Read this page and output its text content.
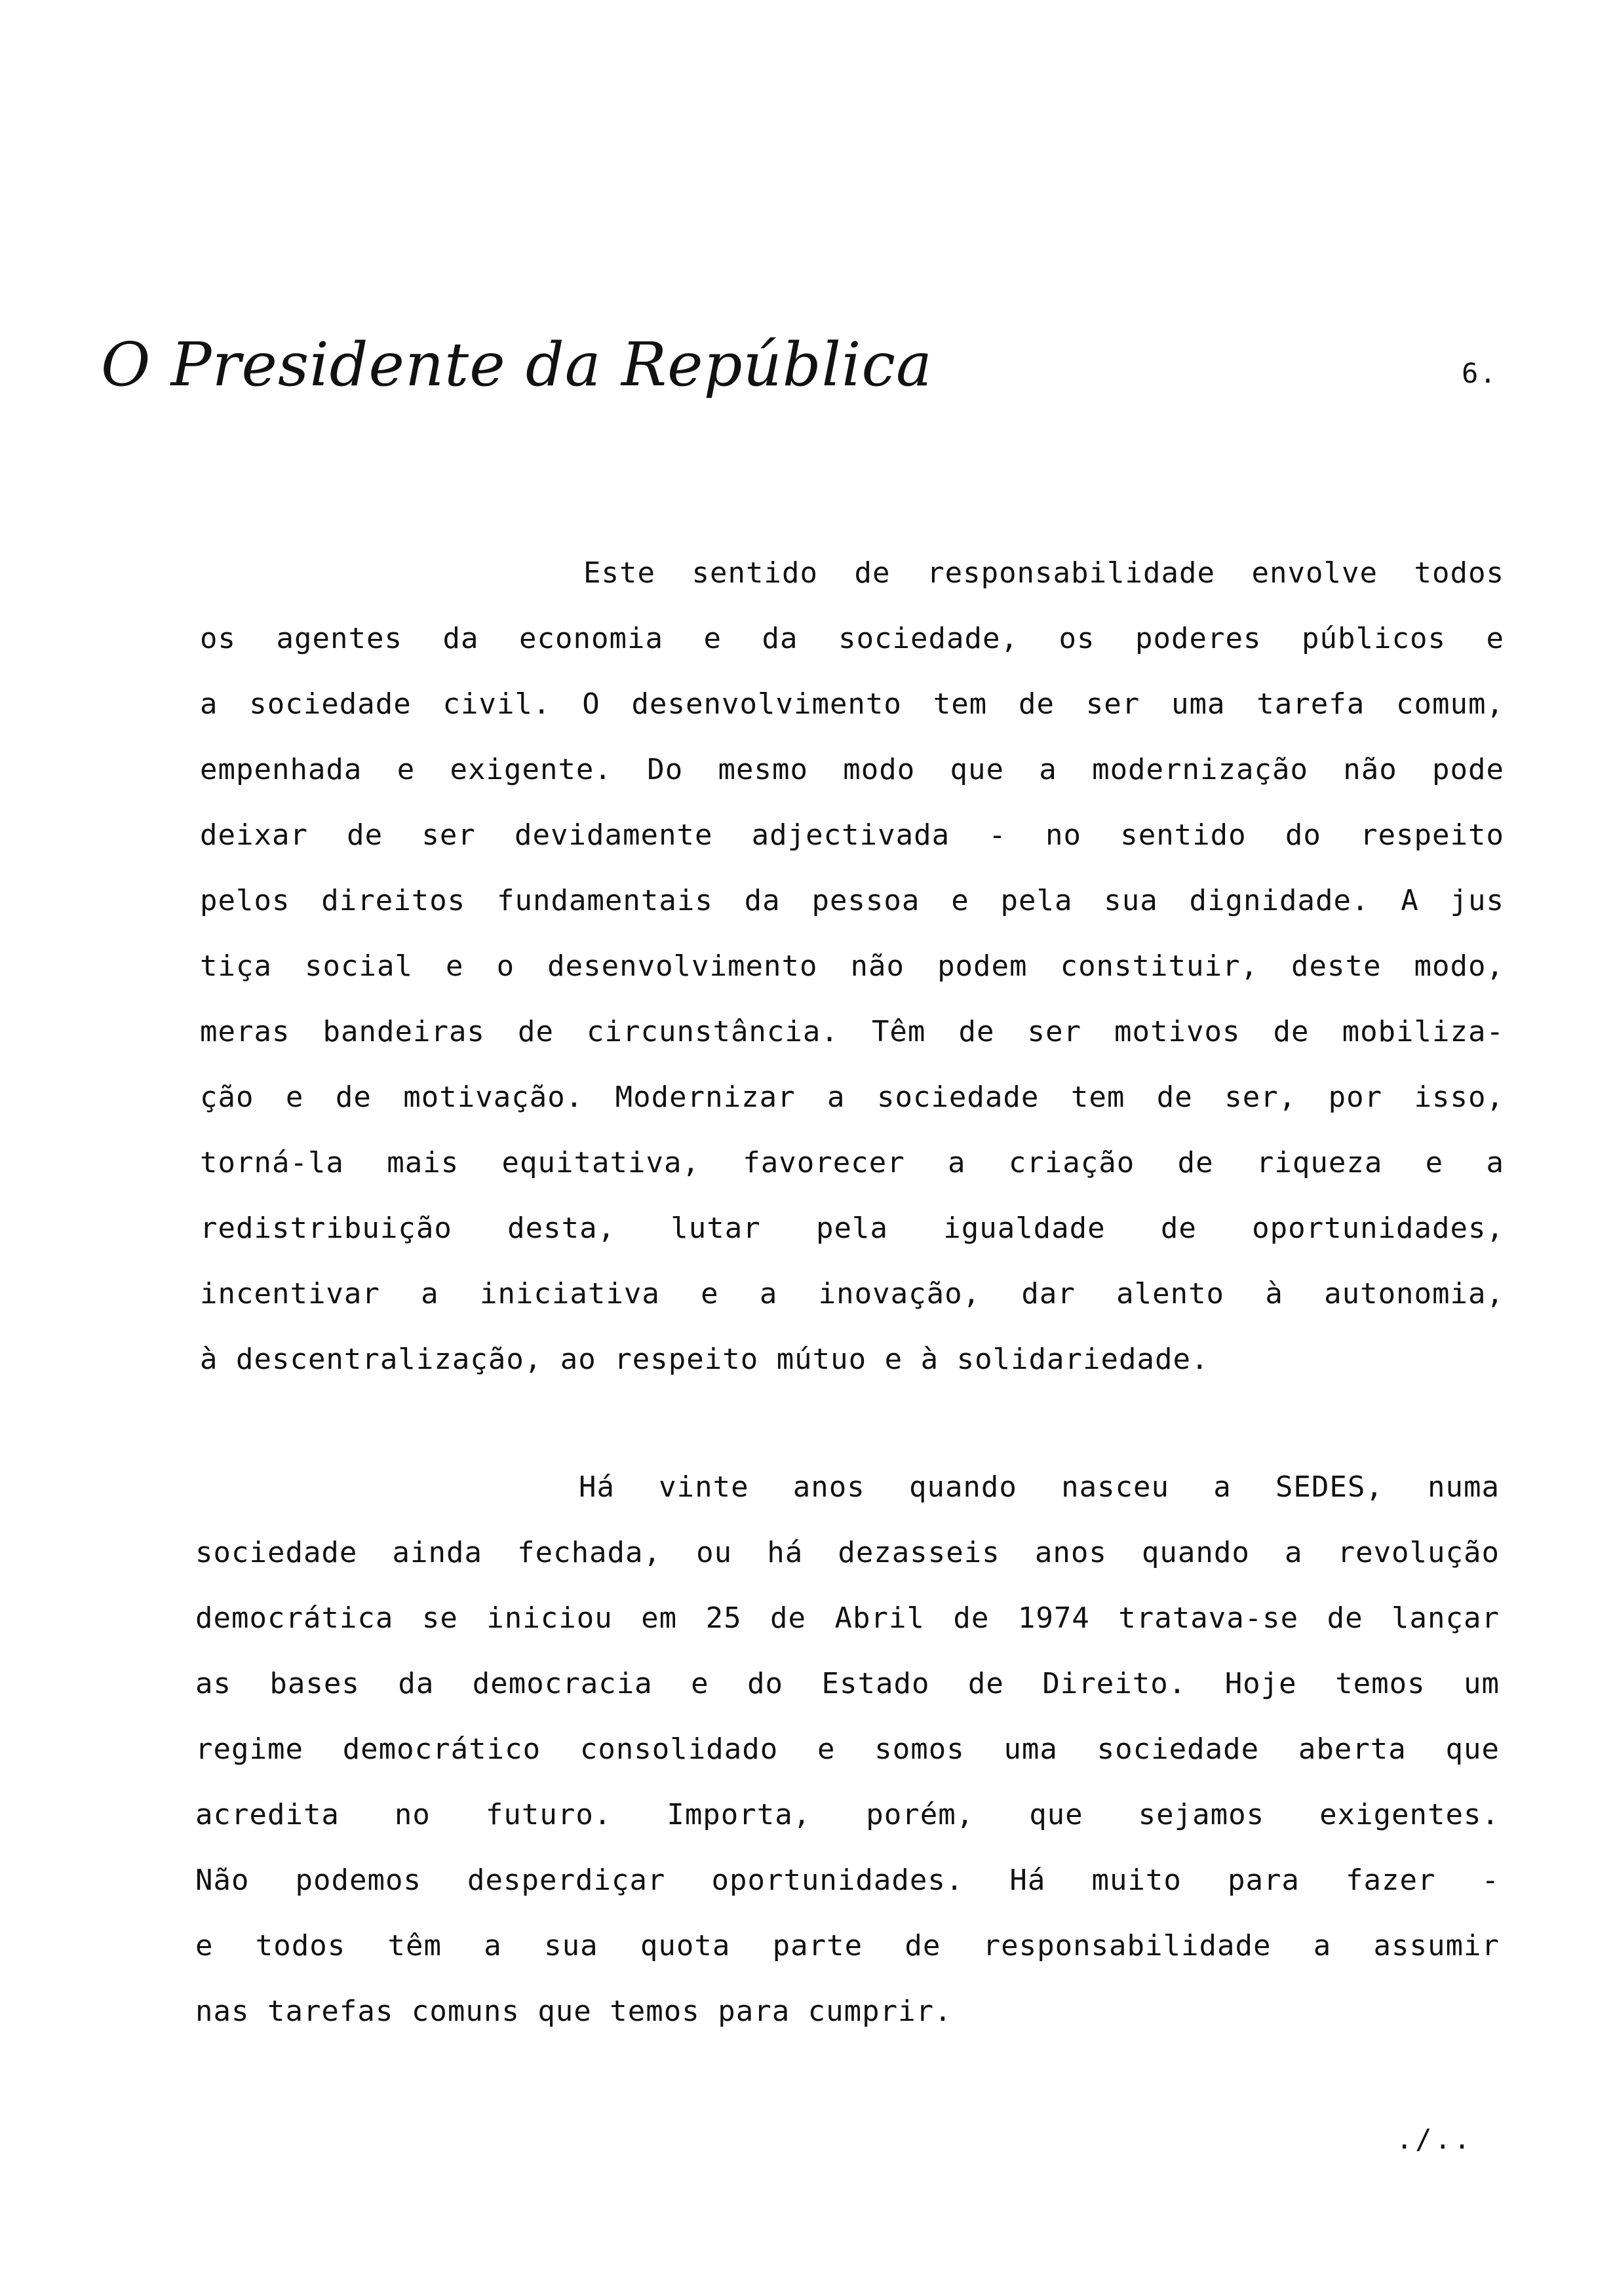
O Presidente da República	6.
Este sentido de responsabilidade envolve todos
os agentes da economia e da sociedade, os poderes públicos e
a sociedade civil. O desenvolvimento tem de ser uma tarefa comum,
empenhada e exigente. Do mesmo modo que a modernização não pode
deixar de ser devidamente adjectivada - no sentido do respeito
pelos direitos fundamentais da pessoa e pela sua dignidade. A jus
tiça social e o desenvolvimento não podem constituir, deste modo,
meras bandeiras de circunstância. Têm de ser motivos de mobiliza-
ção e de motivação. Modernizar a sociedade tem de ser, por isso,
torná-la mais equitativa, favorecer a criação de riqueza e a
redistribuição desta, lutar pela igualdade de oportunidades,
incentivar a iniciativa e a inovação, dar alento à autonomia,
à descentralização, ao respeito mútuo e à solidariedade.
Há vinte anos quando nasceu a SEDES, numa
sociedade ainda fechada, ou há dezasseis anos quando a revolução
democrática se iniciou em 25 de Abril de 1974 tratava-se de lançar
as bases da democracia e do Estado de Direito. Hoje temos um
regime democrático consolidado e somos uma sociedade aberta que
acredita no futuro. Importa, porém, que sejamos exigentes.
Não podemos desperdiçar oportunidades. Há muito para fazer -
e todos têm a sua quota parte de responsabilidade a assumir
nas tarefas comuns que temos para cumprir.
./..
